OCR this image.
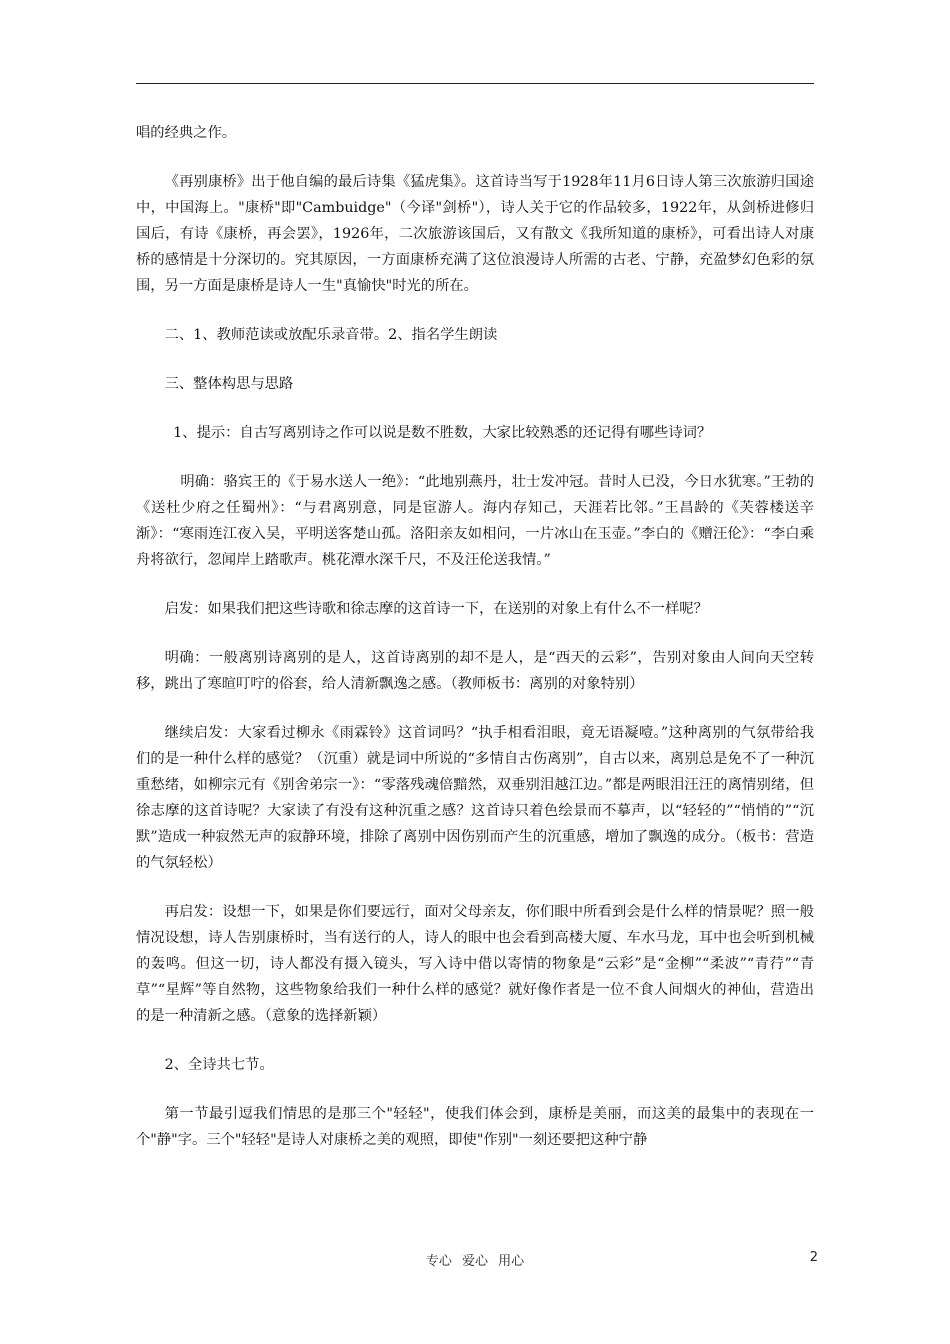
唱的经典之作。

《再别康桥》出于他自编的最后诗集《猛虎集》。这首诗当写于1928年11月6日诗人第三次旅游归国途中，中国海上。"康桥"即"Cambuidge"（今译"剑桥"），诗人关于它的作品较多，1922年，从剑桥进修归国后，有诗《康桥，再会罢》，1926年，二次旅游该国后，又有散文《我所知道的康桥》，可看出诗人对康桥的感情是十分深切的。究其原因，一方面康桥充满了这位浪漫诗人所需的古老、宁静，充盈梦幻色彩的氛围，另一方面是康桥是诗人一生"真愉快"时光的所在。

二、1、教师范读或放配乐录音带。2、指名学生朗读

三、整体构思与思路

1、提示：自古写离别诗之作可以说是数不胜数，大家比较熟悉的还记得有哪些诗词？

明确：骆宾王的《于易水送人一绝》：“此地别燕丹，壮士发冲冠。昔时人已没，今日水犹寒。”王勃的《送杜少府之任蜀州》：“与君离别意，同是宦游人。海内存知己，天涯若比邻。”王昌龄的《芙蓉楼送辛渐》：“寒雨连江夜入吴，平明送客楚山孤。洛阳亲友如相问，一片冰山在玉壶。”李白的《赠汪伦》：“李白乘舟将欲行，忽闻岸上踏歌声。桃花潭水深千尺，不及汪伦送我情。”

启发：如果我们把这些诗歌和徐志摩的这首诗一下，在送别的对象上有什么不一样呢？

明确：一般离别诗离别的是人，这首诗离别的却不是人，是“西天的云彩”，告别对象由人间向天空转移，跳出了寒暄叮咛的俗套，给人清新飘逸之感。（教师板书：离别的对象特别）

继续启发：大家看过柳永《雨霖铃》这首词吗？“执手相看泪眼，竟无语凝噎。”这种离别的气氛带给我们的是一种什么样的感觉？（沉重）就是词中所说的“多情自古伤离别”，自古以来，离别总是免不了一种沉重愁绪，如柳宗元有《别舍弟宗一》：“零落残魂倍黯然，双垂别泪越江边。”都是两眼泪汪汪的离情别绪，但徐志摩的这首诗呢？大家读了有没有这种沉重之感？这首诗只着色绘景而不摹声，以“轻轻的”“悄悄的”“沉默”造成一种寂然无声的寂静环境，排除了离别中因伤别而产生的沉重感，增加了飘逸的成分。（板书：营造的气氛轻松）

再启发：设想一下，如果是你们要远行，面对父母亲友，你们眼中所看到会是什么样的情景呢？照一般情况设想，诗人告别康桥时，当有送行的人，诗人的眼中也会看到高楼大厦、车水马龙，耳中也会听到机械的轰鸣。但这一切，诗人都没有摄入镜头，写入诗中借以寄情的物象是“云彩”是“金柳”“柔波”“青荇”“青草”“星辉”等自然物，这些物象给我们一种什么样的感觉？就好像作者是一位不食人间烟火的神仙，营造出的是一种清新之感。（意象的选择新颖）

2、全诗共七节。

第一节最引逗我们情思的是那三个"轻轻"，使我们体会到，康桥是美丽，而这美的最集中的表现在一个"静"字。三个"轻轻"是诗人对康桥之美的观照，即使"作别"一刻还要把这种宁静

专心 爱心 用心	2
